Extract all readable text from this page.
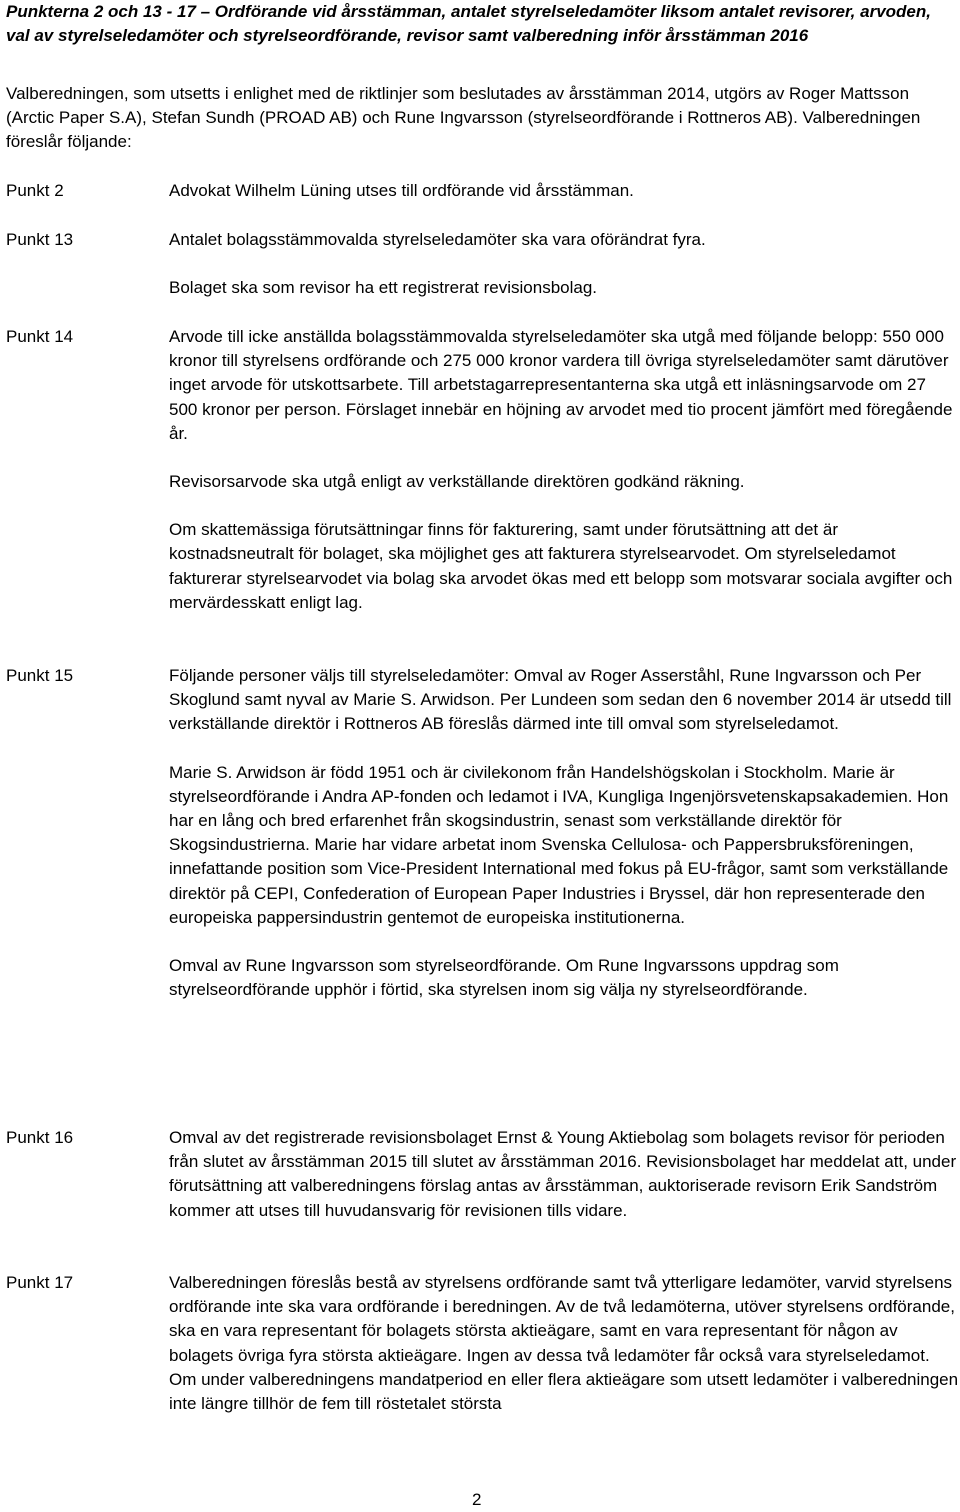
Punkterna 2 och 13 - 17 – Ordförande vid årsstämman, antalet styrelseledamöter liksom antalet revisorer, arvoden, val av styrelseledamöter och styrelseordförande, revisor samt valberedning inför årsstämman 2016
Valberedningen, som utsetts i enlighet med de riktlinjer som beslutades av årsstämman 2014, utgörs av Roger Mattsson (Arctic Paper S.A), Stefan Sundh (PROAD AB) och Rune Ingvarsson (styrelseordförande i Rottneros AB). Valberedningen föreslår följande:
Punkt 2	Advokat Wilhelm Lüning utses till ordförande vid årsstämman.

Punkt 13	Antalet bolagsstämmovalda styrelseledamöter ska vara oförändrat fyra.

Bolaget ska som revisor ha ett registrerat revisionsbolag.

Punkt 14	Arvode till icke anställda bolagsstämmovalda styrelseledamöter ska utgå med följande belopp: 550 000 kronor till styrelsens ordförande och 275 000 kronor vardera till övriga styrelseledamöter samt därutöver inget arvode för utskottsarbete. Till arbetstagarrepresentanterna ska utgå ett inläsningsarvode om 27 500 kronor per person. Förslaget innebär en höjning av arvodet med tio procent jämfört med föregående år.

Revisorsarvode ska utgå enligt av verkställande direktören godkänd räkning.

Om skattemässiga förutsättningar finns för fakturering, samt under förutsättning att det är kostnadsneutralt för bolaget, ska möjlighet ges att fakturera styrelsearvodet. Om styrelseledamot fakturerar styrelsearvodet via bolag ska arvodet ökas med ett belopp som motsvarar sociala avgifter och mervärdesskatt enligt lag.

Punkt 15	Följande personer väljs till styrelseledamöter: Omval av Roger Asserståhl, Rune Ingvarsson och Per Skoglund samt nyval av Marie S. Arwidson. Per Lundeen som sedan den 6 november 2014 är utsedd till verkställande direktör i Rottneros AB föreslås därmed inte till omval som styrelseledamot.

Marie S. Arwidson är född 1951 och är civilekonom från Handelshögskolan i Stockholm. Marie är styrelseordförande i Andra AP-fonden och ledamot i IVA, Kungliga Ingenjörsvetenskapsakademien. Hon har en lång och bred erfarenhet från skogsindustrin, senast som verkställande direktör för Skogsindustrierna. Marie har vidare arbetat inom Svenska Cellulosa- och Pappersbruksföreningen, innefattande position som Vice-President International med fokus på EU-frågor, samt som verkställande direktör på CEPI, Confederation of European Paper Industries i Bryssel, där hon representerade den europeiska pappersindustrin gentemot de europeiska institutionerna.

Omval av Rune Ingvarsson som styrelseordförande. Om Rune Ingvarssons uppdrag som styrelseordförande upphör i förtid, ska styrelsen inom sig välja ny styrelseordförande.

Punkt 16	Omval av det registrerade revisionsbolaget Ernst & Young Aktiebolag som bolagets revisor för perioden från slutet av årsstämman 2015 till slutet av årsstämman 2016. Revisionsbolaget har meddelat att, under förutsättning att valberedningens förslag antas av årsstämman, auktoriserade revisorn Erik Sandström kommer att utses till huvudansvarig för revisionen tills vidare.

Punkt 17	Valberedningen föreslås bestå av styrelsens ordförande samt två ytterligare ledamöter, varvid styrelsens ordförande inte ska vara ordförande i beredningen. Av de två ledamöterna, utöver styrelsens ordförande, ska en vara representant för bolagets största aktieägare, samt en vara representant för någon av bolagets övriga fyra största aktieägare. Ingen av dessa två ledamöter får också vara styrelseledamot. Om under valberedningens mandatperiod en eller flera aktieägare som utsett ledamöter i valberedningen inte längre tillhör de fem till röstetalet största

2
